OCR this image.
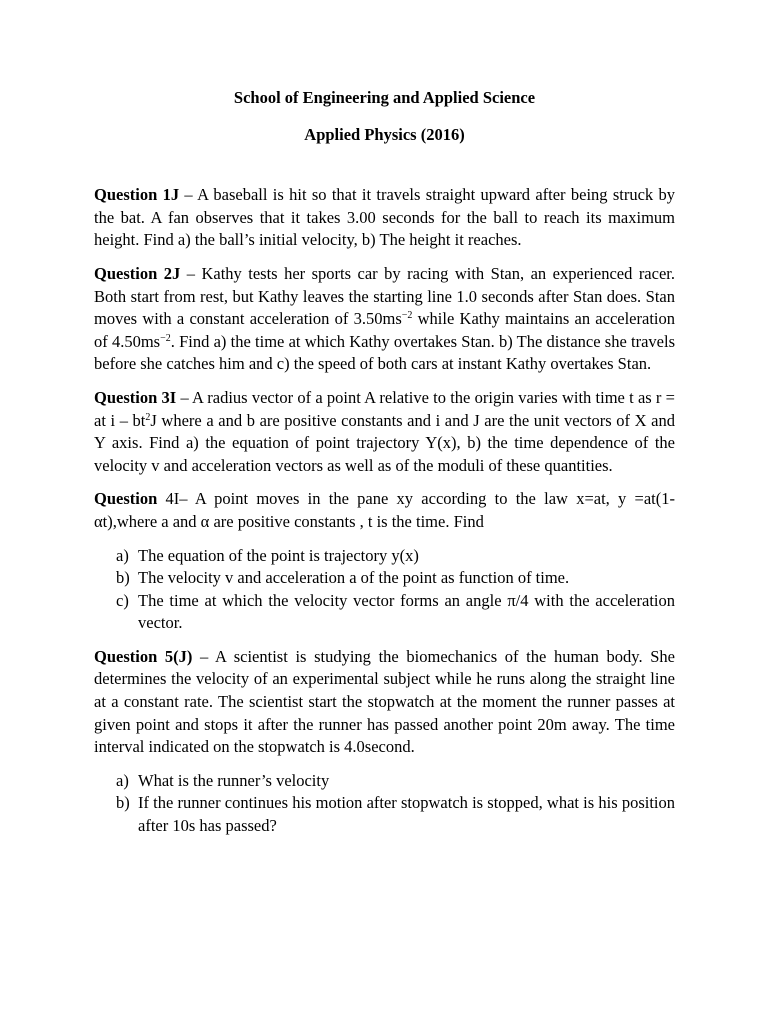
School of Engineering and Applied Science

Applied Physics (2016)

Question 1J – A baseball is hit so that it travels straight upward after being struck by the bat. A fan observes that it takes 3.00 seconds for the ball to reach its maximum height. Find a) the ball’s initial velocity, b) The height it reaches.

Question 2J – Kathy tests her sports car by racing with Stan, an experienced racer. Both start from rest, but Kathy leaves the starting line 1.0 seconds after Stan does. Stan moves with a constant acceleration of $3.50ms^{-2}$ while Kathy maintains an acceleration of $4.50ms^{-2}$. Find a) the time at which Kathy overtakes Stan. b) The distance she travels before she catches him and c) the speed of both cars at instant Kathy overtakes Stan.

Question 3I – A radius vector of a point A relative to the origin varies with time t as r = at i – $bt^2J$ where a and b are positive constants and i and J are the unit vectors of X and Y axis. Find a) the equation of point trajectory Y(x), b) the time dependence of the velocity v and acceleration vectors as well as of the moduli of these quantities.

Question 4I– A point moves in the pane xy according to the law x=at, y =at(1-αt),where a and α are positive constants , t is the time. Find

a) The equation of the point is trajectory y(x)
b) The velocity v and acceleration a of the point as function of time.
c) The time at which the velocity vector forms an angle π/4 with the acceleration vector.

Question 5(J) – A scientist is studying the biomechanics of the human body. She determines the velocity of an experimental subject while he runs along the straight line at a constant rate. The scientist start the stopwatch at the moment the runner passes at given point and stops it after the runner has passed another point 20m away. The time interval indicated on the stopwatch is 4.0second.

a) What is the runner’s velocity
b) If the runner continues his motion after stopwatch is stopped, what is his position after 10s has passed?
